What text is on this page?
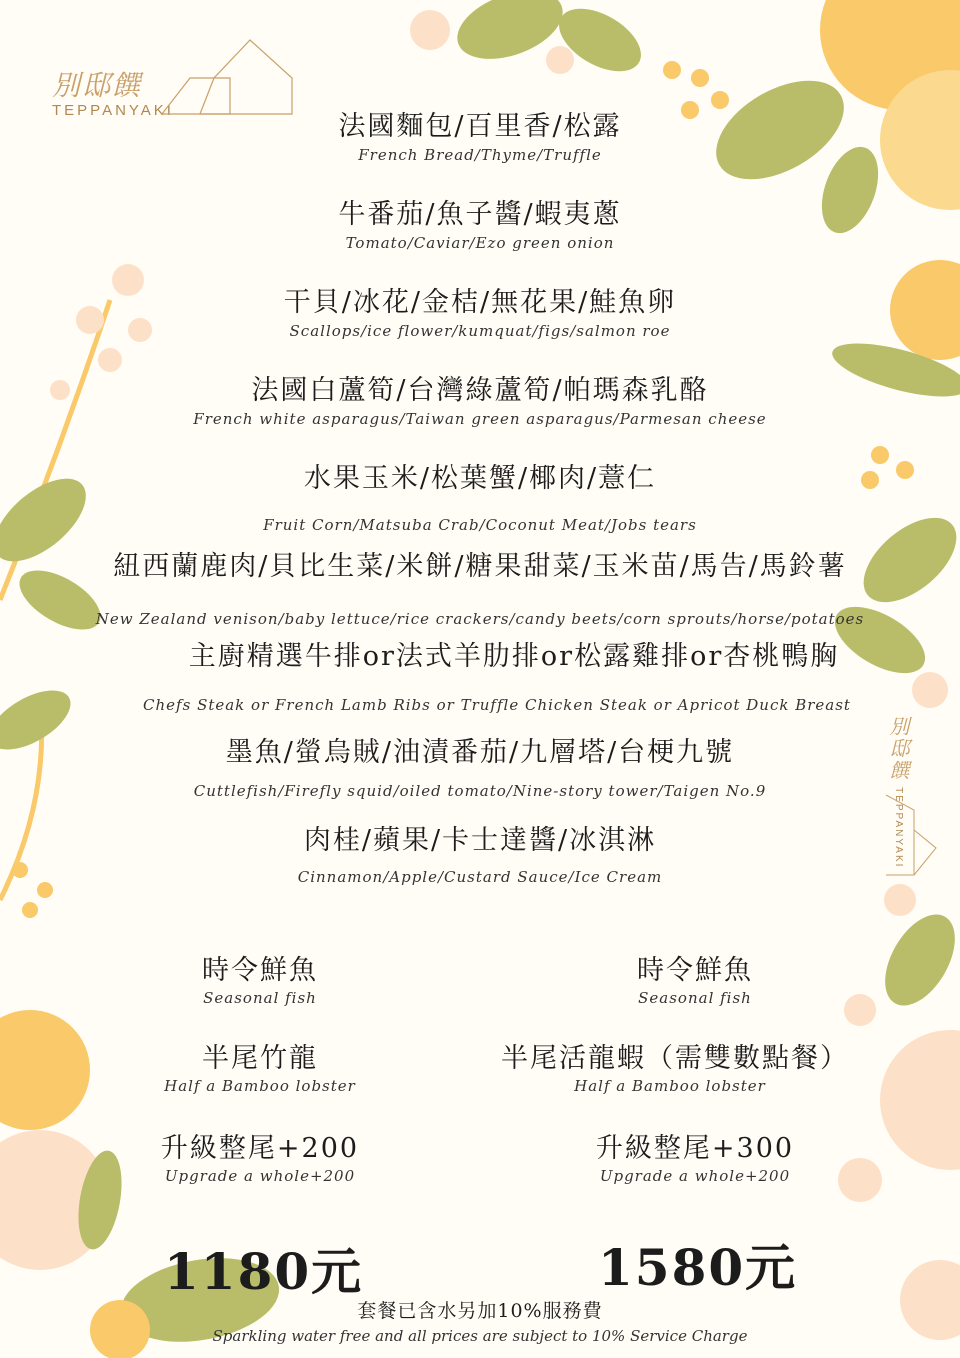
別邸饌
TEPPANYAKI
法國麵包/百里香/松露
French Bread/Thyme/Truffle
牛番茄/魚子醬/蝦夷蔥
Tomato/Caviar/Ezo green onion
干貝/冰花/金桔/無花果/鮭魚卵
Scallops/ice flower/kumquat/figs/salmon roe
法國白蘆筍/台灣綠蘆筍/帕瑪森乳酪
French white asparagus/Taiwan green asparagus/Parmesan cheese
水果玉米/松葉蟹/椰肉/薏仁
Fruit Corn/Matsuba Crab/Coconut Meat/Jobs tears
紐西蘭鹿肉/貝比生菜/米餅/糖果甜菜/玉米苗/馬告/馬鈴薯
New Zealand venison/baby lettuce/rice crackers/candy beets/corn sprouts/horse/potatoes
主廚精選牛排or法式羊肋排or松露雞排or杏桃鴨胸
Chefs Steak or French Lamb Ribs or Truffle Chicken Steak or Apricot Duck Breast
墨魚/螢烏賊/油漬番茄/九層塔/台梗九號
Cuttlefish/Firefly squid/oiled tomato/Nine-story tower/Taigen No.9
肉桂/蘋果/卡士達醬/冰淇淋
Cinnamon/Apple/Custard Sauce/Ice Cream
別邸饌 TEPPANYAKI
時令鮮魚
Seasonal fish
半尾竹龍
Half a Bamboo lobster
升級整尾+200
Upgrade a whole+200
1180元
時令鮮魚
Seasonal fish
半尾活龍蝦（需雙數點餐）
Half a Bamboo lobster
升級整尾+300
Upgrade a whole+200
1580元
套餐已含水另加10%服務費
Sparkling water free and all prices are subject to 10% Service Charge
